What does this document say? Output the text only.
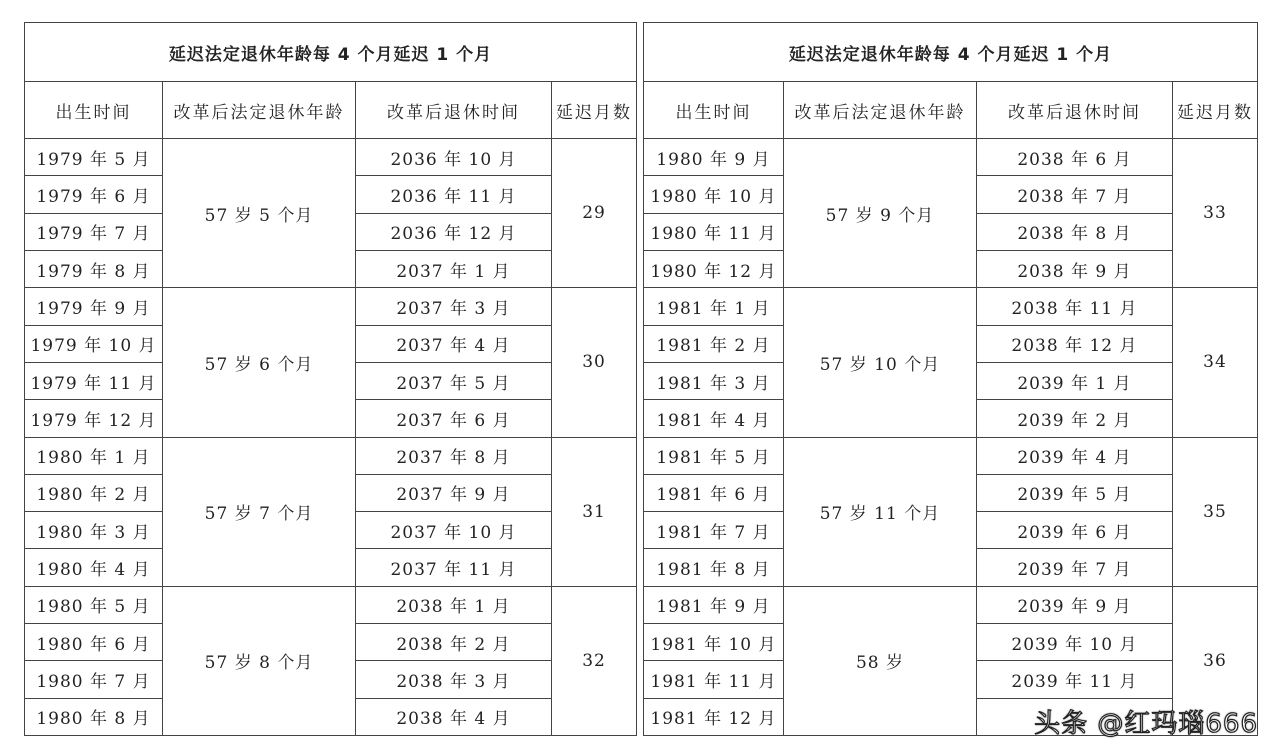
延迟法定退休年龄每 4 个月延迟 1 个月			
出生时间	改革后法定退休年龄	改革后退休时间	延迟月数
1979 年 5 月	57 岁 5 个月	2036 年 10 月	29
1979 年 6 月		2036 年 11 月	
1979 年 7 月		2036 年 12 月	
1979 年 8 月		2037 年 1 月	
1979 年 9 月	57 岁 6 个月	2037 年 3 月	30
1979 年 10 月		2037 年 4 月	
1979 年 11 月		2037 年 5 月	
1979 年 12 月		2037 年 6 月	
1980 年 1 月	57 岁 7 个月	2037 年 8 月	31
1980 年 2 月		2037 年 9 月	
1980 年 3 月		2037 年 10 月	
1980 年 4 月		2037 年 11 月	
1980 年 5 月	57 岁 8 个月	2038 年 1 月	32
1980 年 6 月		2038 年 2 月	
1980 年 7 月		2038 年 3 月	
1980 年 8 月		2038 年 4 月	
延迟法定退休年龄每 4 个月延迟 1 个月			
出生时间	改革后法定退休年龄	改革后退休时间	延迟月数
1980 年 9 月	57 岁 9 个月	2038 年 6 月	33
1980 年 10 月		2038 年 7 月	
1980 年 11 月		2038 年 8 月	
1980 年 12 月		2038 年 9 月	
1981 年 1 月	57 岁 10 个月	2038 年 11 月	34
1981 年 2 月		2038 年 12 月	
1981 年 3 月		2039 年 1 月	
1981 年 4 月		2039 年 2 月	
1981 年 5 月	57 岁 11 个月	2039 年 4 月	35
1981 年 6 月		2039 年 5 月	
1981 年 7 月		2039 年 6 月	
1981 年 8 月		2039 年 7 月	
1981 年 9 月	58 岁	2039 年 9 月	36
1981 年 10 月		2039 年 10 月	
1981 年 11 月		2039 年 11 月	
1981 年 12 月				头条 @红玛瑙666
